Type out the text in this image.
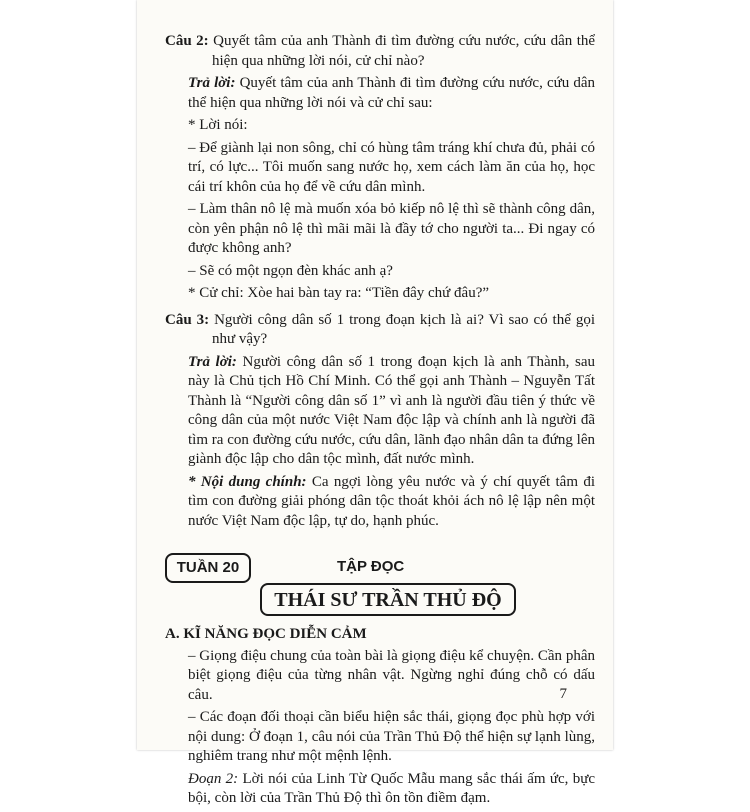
Câu 2: Quyết tâm của anh Thành đi tìm đường cứu nước, cứu dân thể hiện qua những lời nói, cử chỉ nào?

Trả lời: Quyết tâm của anh Thành đi tìm đường cứu nước, cứu dân thể hiện qua những lời nói và cử chỉ sau:

* Lời nói:

– Để giành lại non sông, chỉ có hùng tâm tráng khí chưa đủ, phải có trí, có lực... Tôi muốn sang nước họ, xem cách làm ăn của họ, học cái trí khôn của họ để về cứu dân mình.

– Làm thân nô lệ mà muốn xóa bỏ kiếp nô lệ thì sẽ thành công dân, còn yên phận nô lệ thì mãi mãi là đầy tớ cho người ta... Đi ngay có được không anh?

– Sẽ có một ngọn đèn khác anh ạ?

* Cử chỉ: Xòe hai bàn tay ra: “Tiền đây chứ đâu?”

Câu 3: Người công dân số 1 trong đoạn kịch là ai? Vì sao có thể gọi như vậy?

Trả lời: Người công dân số 1 trong đoạn kịch là anh Thành, sau này là Chủ tịch Hồ Chí Minh. Có thể gọi anh Thành – Nguyễn Tất Thành là “Người công dân số 1” vì anh là người đầu tiên ý thức về công dân của một nước Việt Nam độc lập và chính anh là người đã tìm ra con đường cứu nước, cứu dân, lãnh đạo nhân dân ta đứng lên giành độc lập cho dân tộc mình, đất nước mình.

* Nội dung chính: Ca ngợi lòng yêu nước và ý chí quyết tâm đi tìm con đường giải phóng dân tộc thoát khỏi ách nô lệ lập nên một nước Việt Nam độc lập, tự do, hạnh phúc.

TUẦN 20	TẬP ĐỌC
THÁI SƯ TRẦN THỦ ĐỘ

A. KĨ NĂNG ĐỌC DIỄN CẢM

– Giọng điệu chung của toàn bài là giọng điệu kể chuyện. Cần phân biệt giọng điệu của từng nhân vật. Ngừng nghỉ đúng chỗ có dấu câu.

– Các đoạn đối thoại cần biểu hiện sắc thái, giọng đọc phù hợp với nội dung: Ở đoạn 1, câu nói của Trần Thủ Độ thể hiện sự lạnh lùng, nghiêm trang như một mệnh lệnh.

Đoạn 2: Lời nói của Linh Từ Quốc Mẫu mang sắc thái ấm ức, bực bội, còn lời của Trần Thủ Độ thì ôn tồn điềm đạm.

7
